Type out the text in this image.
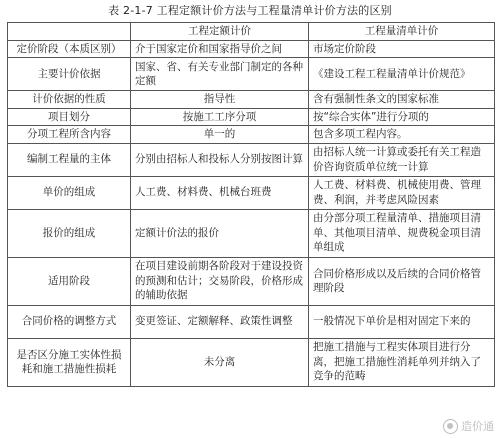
表 2-1-7 工程定额计价方法与工程量清单计价方法的区别
	工程定额计价	工程量清单计价
定价阶段（本质区别）	介于国家定价和国家指导价之间	市场定价阶段
主要计价依据	国家、省、有关专业部门制定的各种定额	《建设工程工程量清单计价规范》
计价依据的性质	指导性	含有强制性条文的国家标准
项目划分	按施工工序分项	按“综合实体”进行分项的
分项工程所含内容	单一的	包含多项工程内容。
编制工程量的主体	分别由招标人和投标人分别按图计算	由招标人统一计算或委托有关工程造价咨询资质单位统一计算
单价的组成	人工费、材料费、机械台班费	人工费、材料费、机械使用费、管理费、利润，并考虑风险因素
报价的组成	定额计价法的报价	由分部分项工程量清单、措施项目清单、其他项目清单、规费税金项目清单组成
适用阶段	在项目建设前期各阶段对于建设投资的预测和估计；交易阶段，价格形成的辅助依据	合同价格形成以及后续的合同价格管理阶段
合同价格的调整方式	变更签证、定额解释、政策性调整	一般情况下单价是相对固定下来的
是否区分施工实体性损耗和施工措施性损耗	未分离	把施工措施与工程实体项目进行分离，把施工措施性消耗单列并纳入了竞争的范畴
造价通
